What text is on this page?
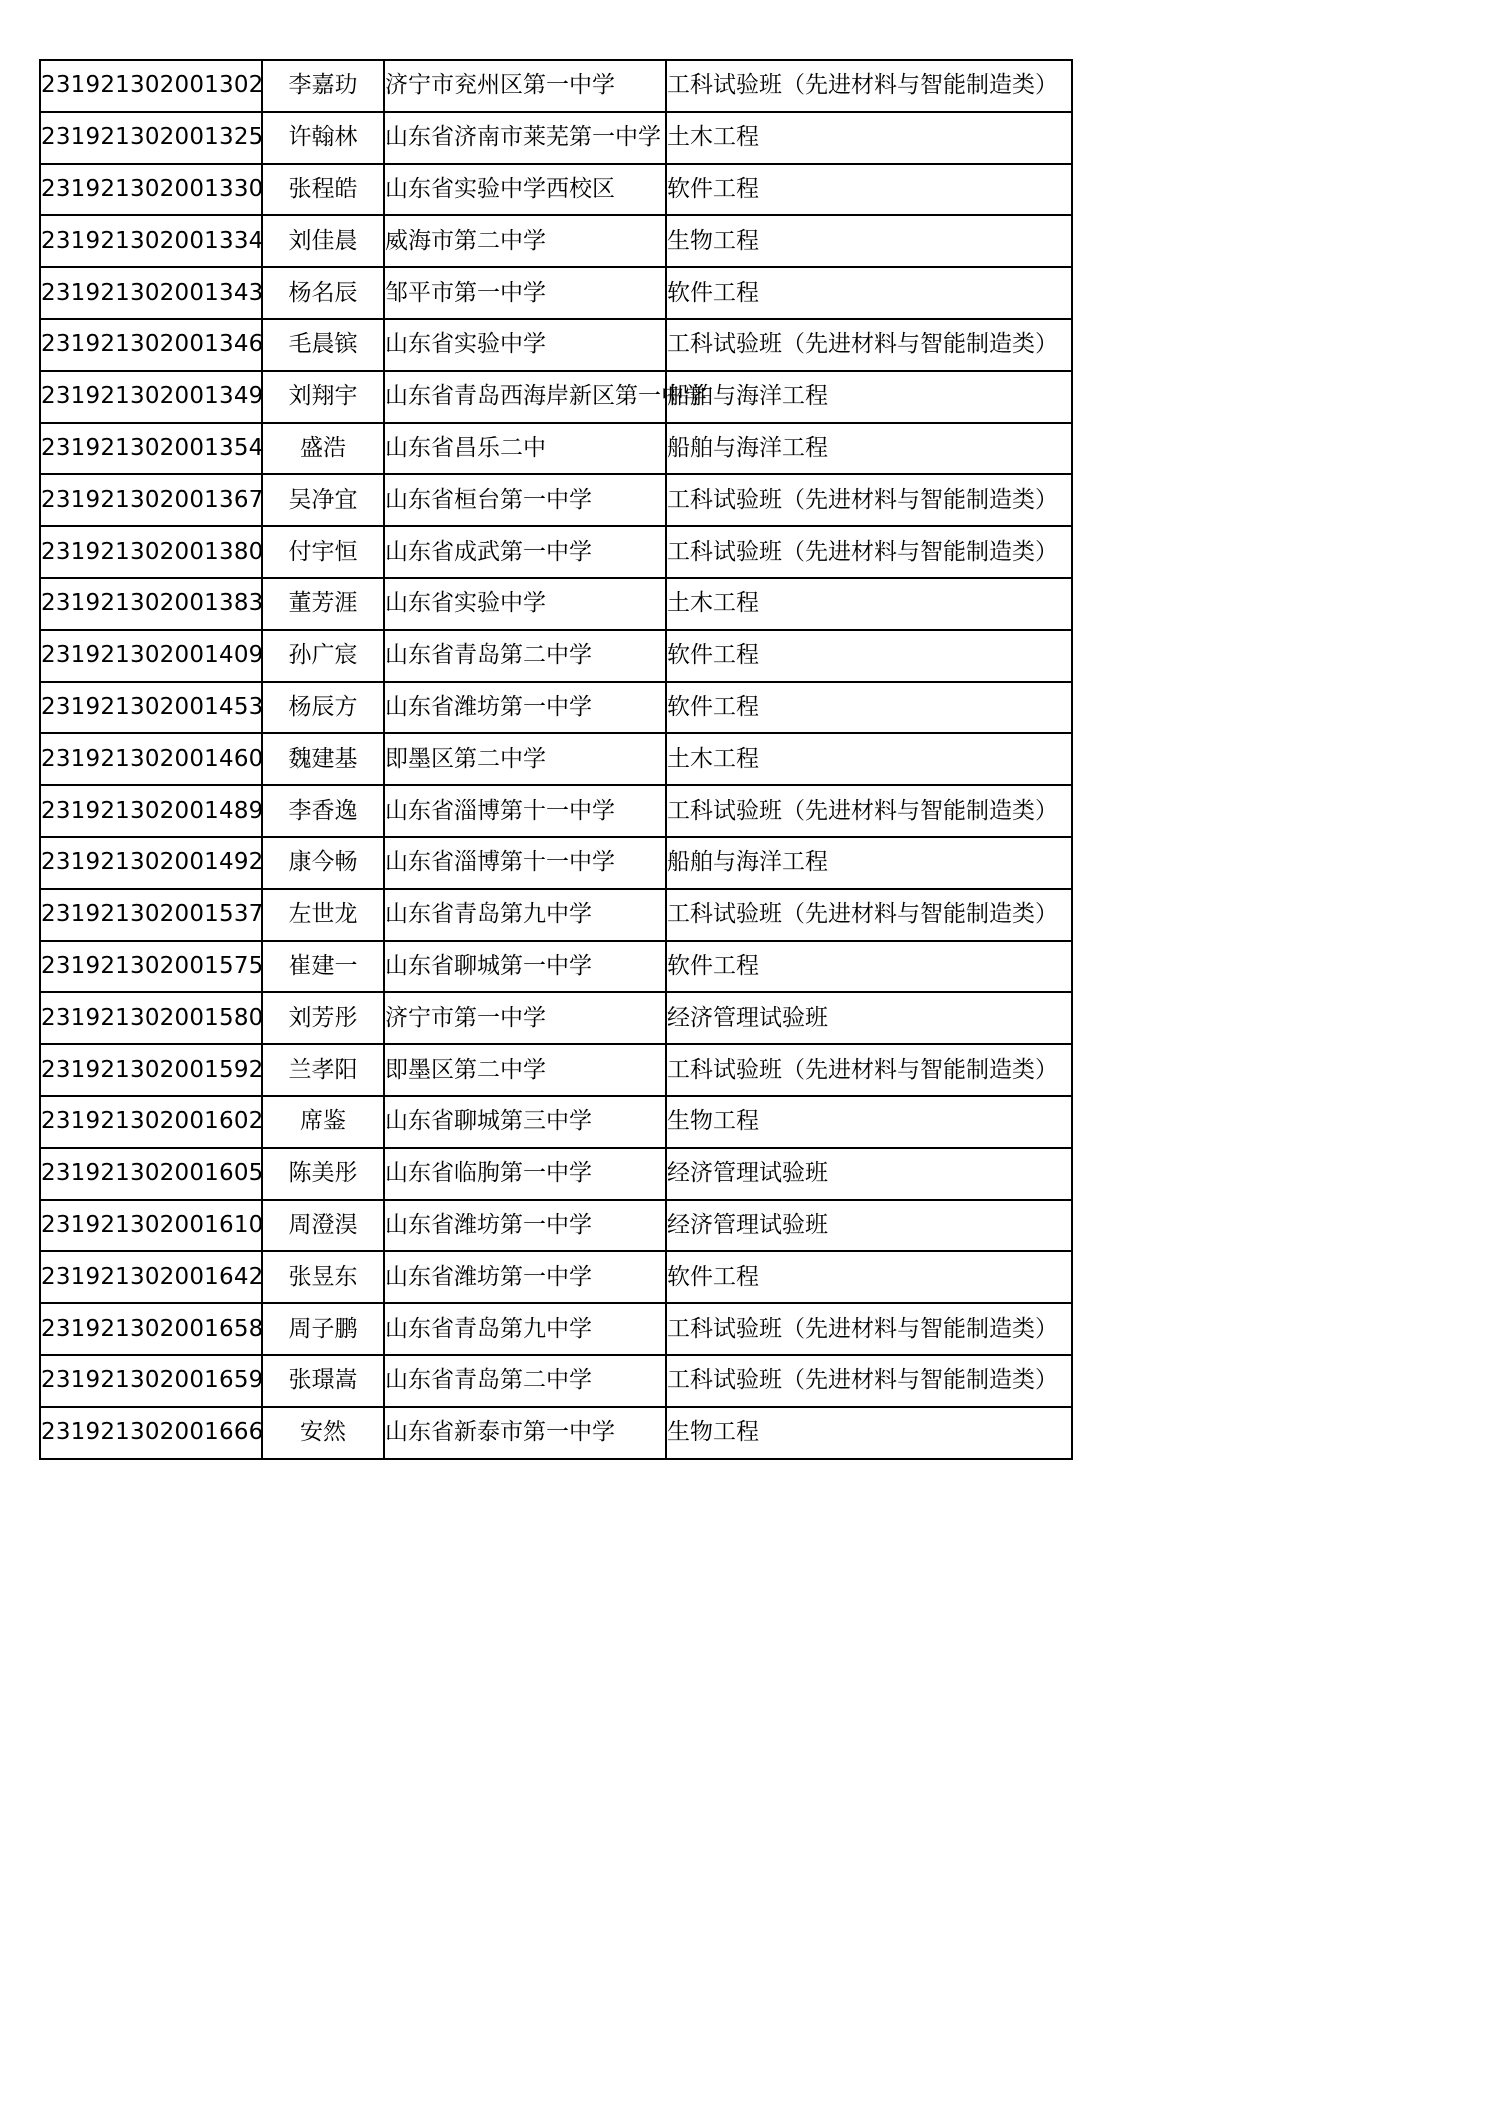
231921302001302	李嘉玏	济宁市兖州区第一中学	工科试验班（先进材料与智能制造类）
231921302001325	许翰林	山东省济南市莱芜第一中学	土木工程
231921302001330	张程皓	山东省实验中学西校区	软件工程
231921302001334	刘佳晨	威海市第二中学	生物工程
231921302001343	杨名辰	邹平市第一中学	软件工程
231921302001346	毛晨镔	山东省实验中学	工科试验班（先进材料与智能制造类）
231921302001349	刘翔宇	山东省青岛西海岸新区第一中学	船舶与海洋工程
231921302001354	盛浩	山东省昌乐二中	船舶与海洋工程
231921302001367	吴净宜	山东省桓台第一中学	工科试验班（先进材料与智能制造类）
231921302001380	付宇恒	山东省成武第一中学	工科试验班（先进材料与智能制造类）
231921302001383	董芳涯	山东省实验中学	土木工程
231921302001409	孙广宸	山东省青岛第二中学	软件工程
231921302001453	杨辰方	山东省潍坊第一中学	软件工程
231921302001460	魏建基	即墨区第二中学	土木工程
231921302001489	李香逸	山东省淄博第十一中学	工科试验班（先进材料与智能制造类）
231921302001492	康今畅	山东省淄博第十一中学	船舶与海洋工程
231921302001537	左世龙	山东省青岛第九中学	工科试验班（先进材料与智能制造类）
231921302001575	崔建一	山东省聊城第一中学	软件工程
231921302001580	刘芳彤	济宁市第一中学	经济管理试验班
231921302001592	兰孝阳	即墨区第二中学	工科试验班（先进材料与智能制造类）
231921302001602	席鉴	山东省聊城第三中学	生物工程
231921302001605	陈美彤	山东省临朐第一中学	经济管理试验班
231921302001610	周澄淏	山东省潍坊第一中学	经济管理试验班
231921302001642	张昱东	山东省潍坊第一中学	软件工程
231921302001658	周子鹏	山东省青岛第九中学	工科试验班（先进材料与智能制造类）
231921302001659	张璟嵩	山东省青岛第二中学	工科试验班（先进材料与智能制造类）
231921302001666	安然	山东省新泰市第一中学	生物工程
